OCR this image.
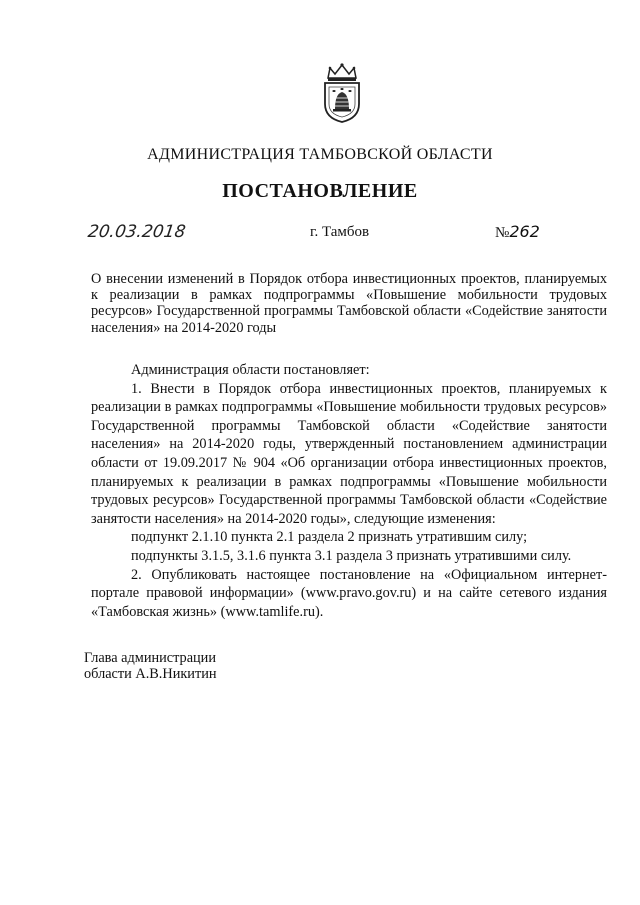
АДМИНИСТРАЦИЯ ТАМБОВСКОЙ ОБЛАСТИ
ПОСТАНОВЛЕНИЕ
20.03.2018	г. Тамбов	№262
О внесении изменений в Порядок отбора инвестиционных проектов, планируемых к реализации в рамках подпрограммы «Повышение мобильности трудовых ресурсов» Государственной программы Тамбовской области «Содействие занятости населения» на 2014-2020 годы

Администрация области постановляет:

1. Внести в Порядок отбора инвестиционных проектов, планируемых к реализации в рамках подпрограммы «Повышение мобильности трудовых ресурсов» Государственной программы Тамбовской области «Содействие занятости населения» на 2014-2020 годы, утвержденный постановлением администрации области от 19.09.2017 № 904 «Об организации отбора инвестиционных проектов, планируемых к реализации в рамках подпрограммы «Повышение мобильности трудовых ресурсов» Государственной программы Тамбовской области «Содействие занятости населения» на 2014-2020 годы», следующие изменения:

подпункт 2.1.10 пункта 2.1 раздела 2 признать утратившим силу;

подпункты 3.1.5, 3.1.6 пункта 3.1 раздела 3 признать утратившими силу.

2. Опубликовать настоящее постановление на «Официальном интернет-портале правовой информации» (www.pravo.gov.ru) и на сайте сетевого издания «Тамбовская жизнь» (www.tamlife.ru).

Глава администрации

области А.В.Никитин
